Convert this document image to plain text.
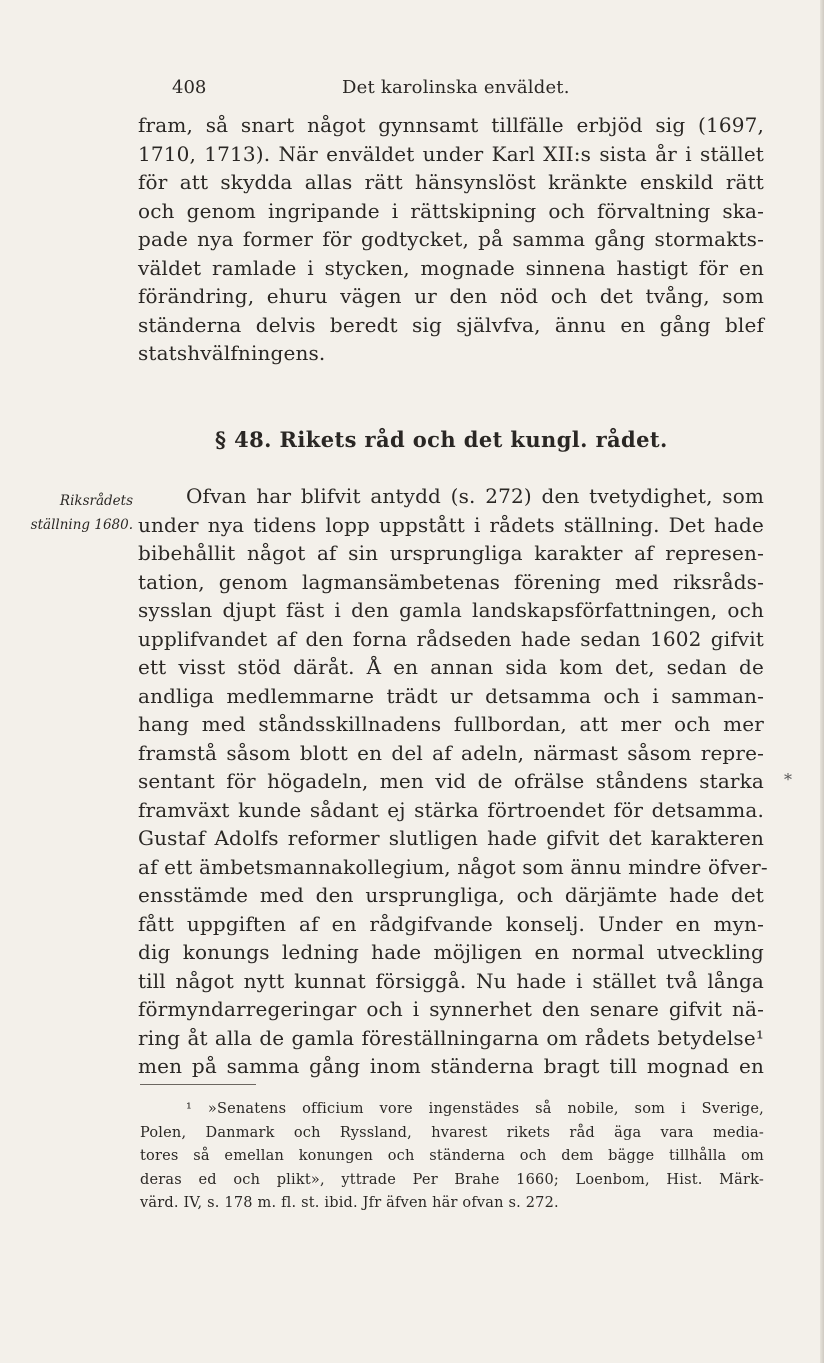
408	Det karolinska enväldet.
fram, så snart något gynnsamt tillfälle erbjöd sig (1697,
1710, 1713). När enväldet under Karl XII:s sista år i stället
för att skydda allas rätt hänsynslöst kränkte enskild rätt
och genom ingripande i rättskipning och förvaltning ska-
pade nya former för godtycket, på samma gång stormakts-
väldet ramlade i stycken, mognade sinnena hastigt för en
förändring, ehuru vägen ur den nöd och det tvång, som
ständerna delvis beredt sig självfva, ännu en gång blef
statshvälfningens.
§ 48. Rikets råd och det kungl. rådet.
Riksrådets
ställning 1680.
Ofvan har blifvit antydd (s. 272) den tvetydighet, som
under nya tidens lopp uppstått i rådets ställning. Det hade
bibehållit något af sin ursprungliga karakter af represen-
tation, genom lagmansämbetenas förening med riksråds-
sysslan djupt fäst i den gamla landskapsförfattningen, och
upplifvandet af den forna rådseden hade sedan 1602 gifvit
ett visst stöd däråt. Å en annan sida kom det, sedan de
andliga medlemmarne trädt ur detsamma och i samman-
hang med ståndsskillnadens fullbordan, att mer och mer
framstå såsom blott en del af adeln, närmast såsom repre-
sentant för högadeln, men vid de ofrälse ståndens starka
framväxt kunde sådant ej stärka förtroendet för detsamma.
Gustaf Adolfs reformer slutligen hade gifvit det karakteren
af ett ämbetsmannakollegium, något som ännu mindre öfver-
ensstämde med den ursprungliga, och därjämte hade det
fått uppgiften af en rådgifvande konselj. Under en myn-
dig konungs ledning hade möjligen en normal utveckling
till något nytt kunnat försiggå. Nu hade i stället två långa
förmyndarregeringar och i synnerhet den senare gifvit nä-
ring åt alla de gamla föreställningarna om rådets betydelse¹
men på samma gång inom ständerna bragt till mognad en
*
¹ »Senatens officium vore ingenstädes så nobile, som i Sverige,
Polen, Danmark och Ryssland, hvarest rikets råd äga vara media-
tores så emellan konungen och ständerna och dem bägge tillhålla om
deras ed och plikt», yttrade Per Brahe 1660; Loenbom, Hist. Märk-
värd. IV, s. 178 m. fl. st. ibid. Jfr äfven här ofvan s. 272.
